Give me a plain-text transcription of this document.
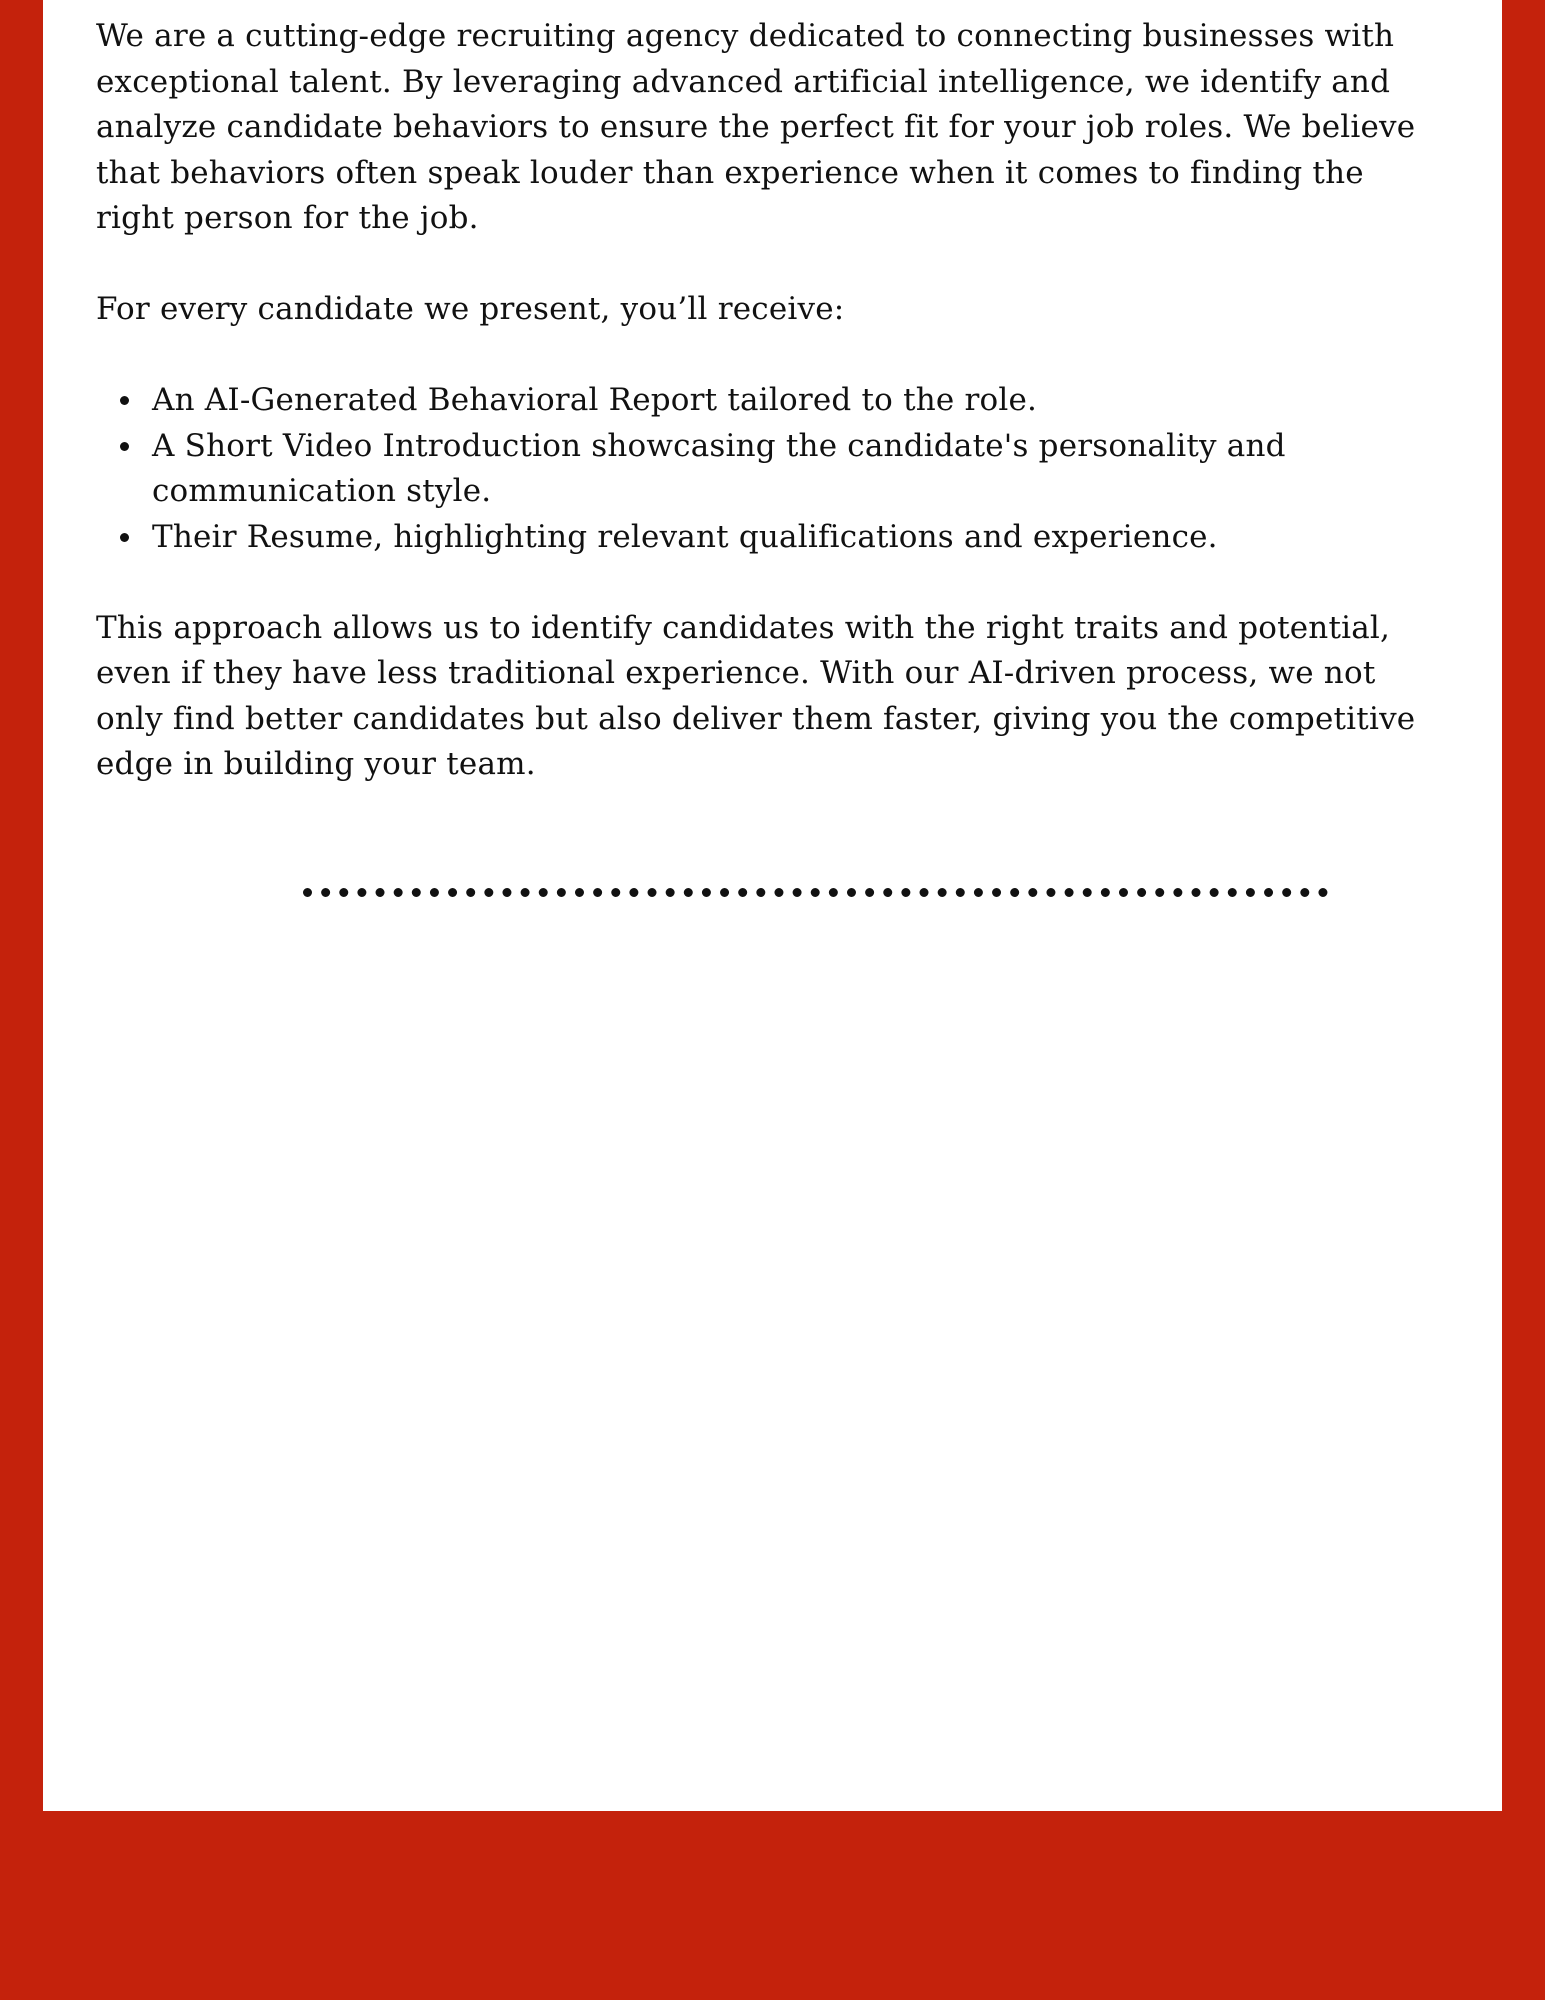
We are a cutting-edge recruiting agency dedicated to connecting businesses with exceptional talent. By leveraging advanced artificial intelligence, we identify and analyze candidate behaviors to ensure the perfect fit for your job roles. We believe that behaviors often speak louder than experience when it comes to finding the right person for the job.

For every candidate we present, you’ll receive:

An AI-Generated Behavioral Report tailored to the role.
A Short Video Introduction showcasing the candidate's personality and communication style.
Their Resume, highlighting relevant qualifications and experience.

This approach allows us to identify candidates with the right traits and potential, even if they have less traditional experience. With our AI-driven process, we not only find better candidates but also deliver them faster, giving you the competitive edge in building your team.
